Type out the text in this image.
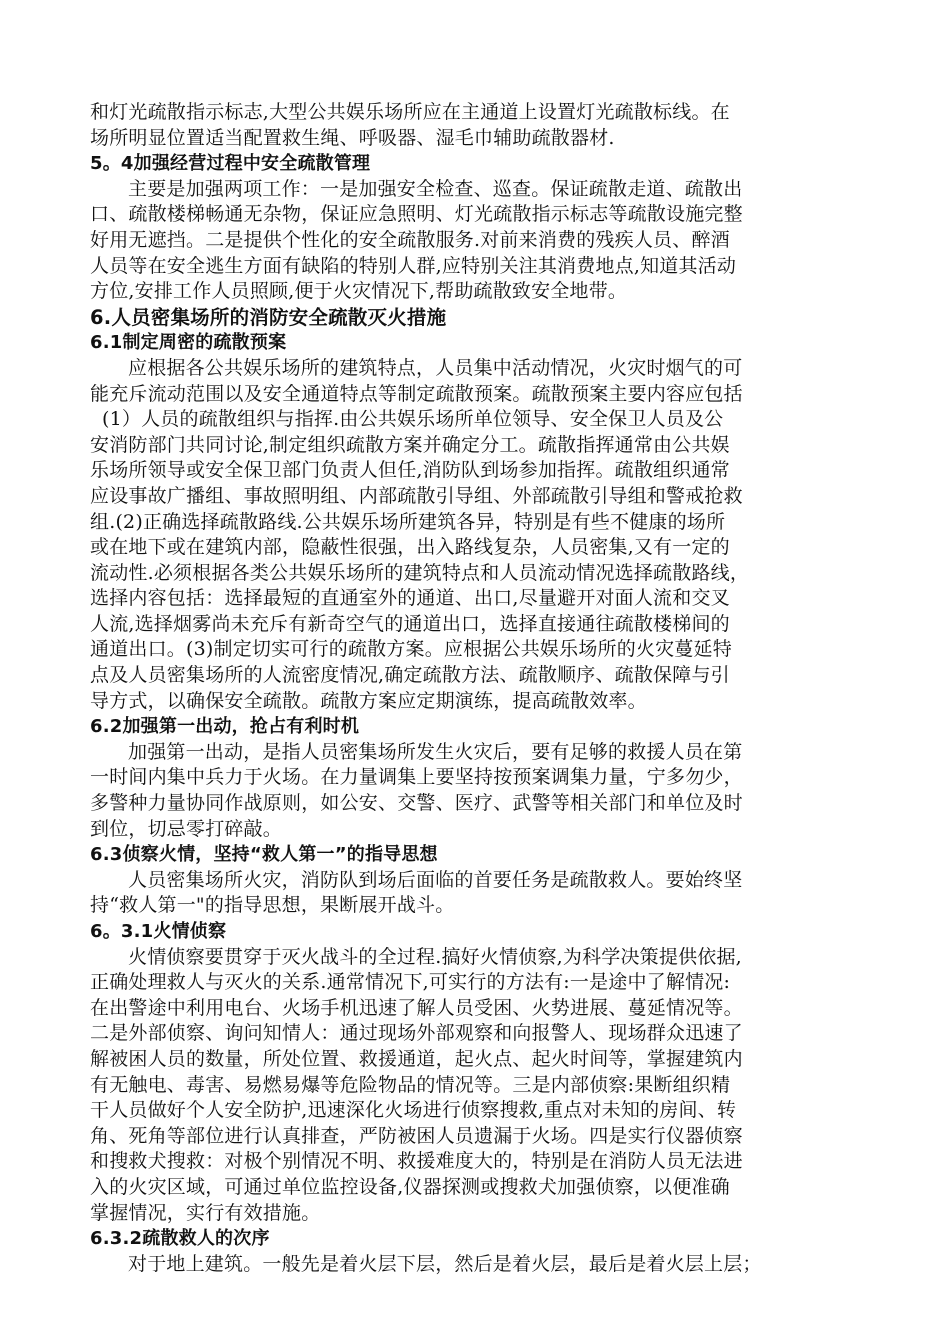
和灯光疏散指示标志,大型公共娱乐场所应在主通道上设置灯光疏散标线。在
场所明显位置适当配置救生绳、呼吸器、湿毛巾辅助疏散器材.
5。4加强经营过程中安全疏散管理
主要是加强两项工作：一是加强安全检查、巡查。保证疏散走道、疏散出
口、疏散楼梯畅通无杂物，保证应急照明、灯光疏散指示标志等疏散设施完整
好用无遮挡。二是提供个性化的安全疏散服务.对前来消费的残疾人员、醉酒
人员等在安全逃生方面有缺陷的特别人群,应特别关注其消费地点,知道其活动
方位,安排工作人员照顾,便于火灾情况下,帮助疏散致安全地带。
6.人员密集场所的消防安全疏散灭火措施
6.1制定周密的疏散预案
应根据各公共娱乐场所的建筑特点，人员集中活动情况，火灾时烟气的可
能充斥流动范围以及安全通道特点等制定疏散预案。疏散预案主要内容应包括
(1）人员的疏散组织与指挥.由公共娱乐场所单位领导、安全保卫人员及公
安消防部门共同讨论,制定组织疏散方案并确定分工。疏散指挥通常由公共娱
乐场所领导或安全保卫部门负责人但任,消防队到场参加指挥。疏散组织通常
应设事故广播组、事故照明组、内部疏散引导组、外部疏散引导组和警戒抢救
组.(2)正确选择疏散路线.公共娱乐场所建筑各异，特别是有些不健康的场所
或在地下或在建筑内部，隐蔽性很强，出入路线复杂，人员密集,又有一定的
流动性.必须根据各类公共娱乐场所的建筑特点和人员流动情况选择疏散路线，
选择内容包括：选择最短的直通室外的通道、出口,尽量避开对面人流和交叉
人流,选择烟雾尚未充斥有新奇空气的通道出口，选择直接通往疏散楼梯间的
通道出口。(3)制定切实可行的疏散方案。应根据公共娱乐场所的火灾蔓延特
点及人员密集场所的人流密度情况,确定疏散方法、疏散顺序、疏散保障与引
导方式，以确保安全疏散。疏散方案应定期演练，提高疏散效率。
6.2加强第一出动，抢占有利时机
加强第一出动，是指人员密集场所发生火灾后，要有足够的救援人员在第
一时间内集中兵力于火场。在力量调集上要坚持按预案调集力量，宁多勿少，
多警种力量协同作战原则，如公安、交警、医疗、武警等相关部门和单位及时
到位，切忌零打碎敲。
6.3侦察火情，坚持“救人第一”的指导思想
人员密集场所火灾，消防队到场后面临的首要任务是疏散救人。要始终坚
持“救人第一"的指导思想，果断展开战斗。
6。3.1火情侦察
火情侦察要贯穿于灭火战斗的全过程.搞好火情侦察,为科学决策提供依据,
正确处理救人与灭火的关系.通常情况下,可实行的方法有:一是途中了解情况:
在出警途中利用电台、火场手机迅速了解人员受困、火势进展、蔓延情况等。
二是外部侦察、询问知情人：通过现场外部观察和向报警人、现场群众迅速了
解被困人员的数量，所处位置、救援通道，起火点、起火时间等，掌握建筑内
有无触电、毒害、易燃易爆等危险物品的情况等。三是内部侦察:果断组织精
干人员做好个人安全防护,迅速深化火场进行侦察搜救,重点对未知的房间、转
角、死角等部位进行认真排查，严防被困人员遗漏于火场。四是实行仪器侦察
和搜救犬搜救：对极个别情况不明、救援难度大的，特别是在消防人员无法进
入的火灾区域，可通过单位监控设备,仪器探测或搜救犬加强侦察，以便准确
掌握情况，实行有效措施。
6.3.2疏散救人的次序
对于地上建筑。一般先是着火层下层，然后是着火层，最后是着火层上层；
